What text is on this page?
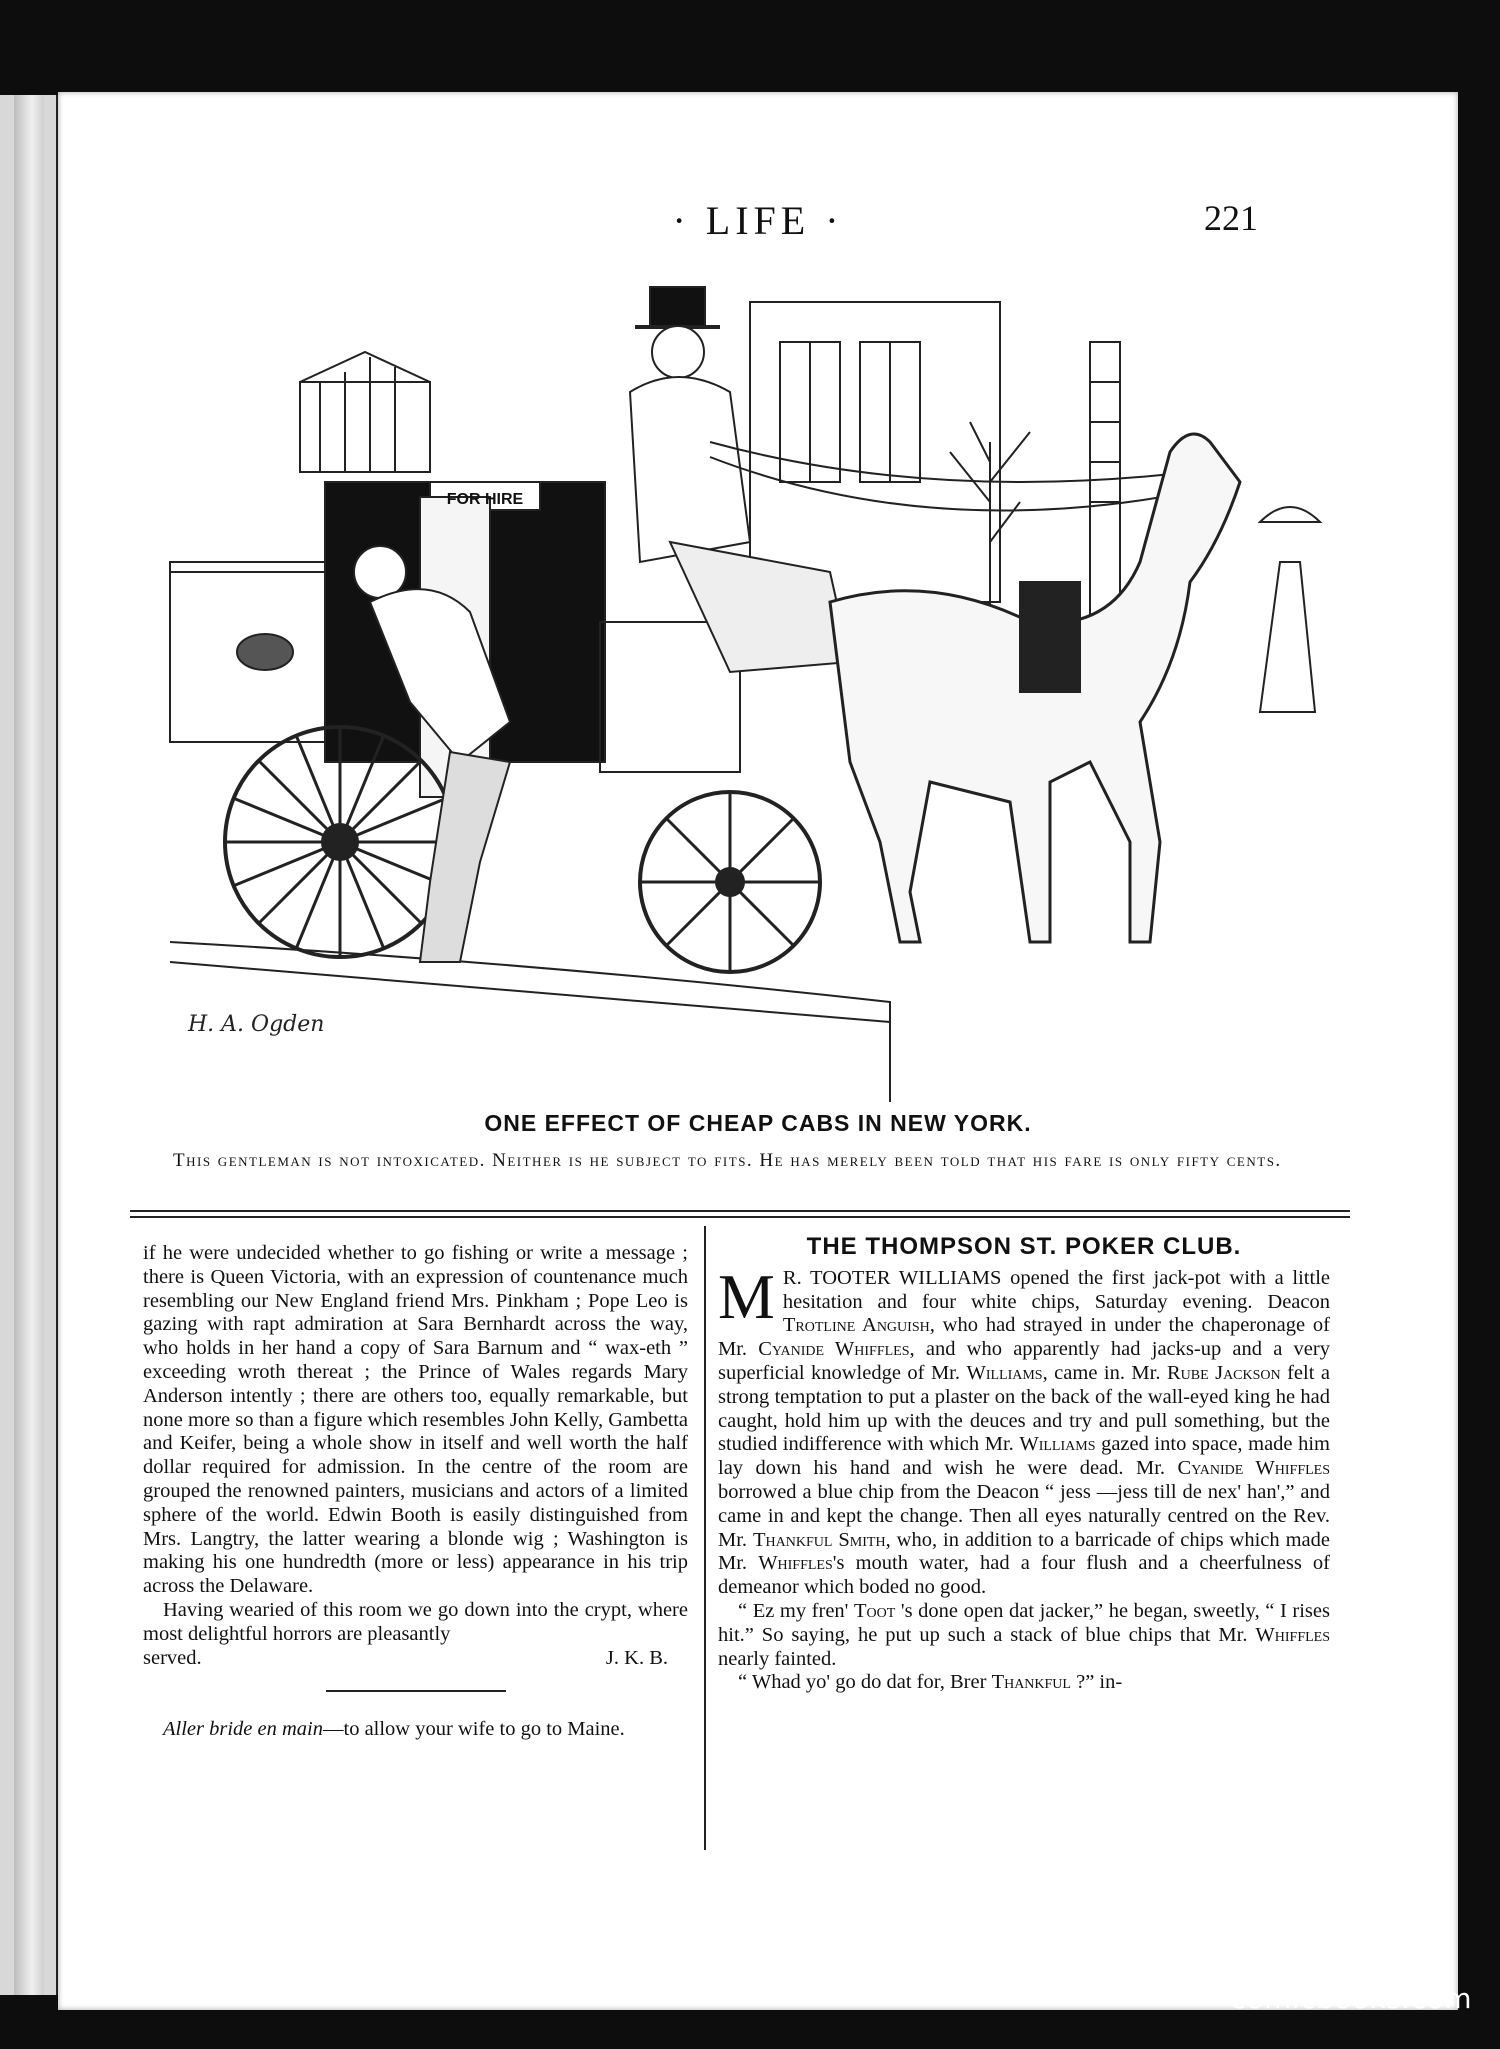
· LIFE ·	221
FOR HIRE
H. A. Ogden
ONE EFFECT OF CHEAP CABS IN NEW YORK.
This gentleman is not intoxicated. Neither is he subject to fits. He has merely been told that his fare is only fifty cents.

if he were undecided whether to go fishing or write a message ; there is Queen Victoria, with an expression of countenance much resembling our New England friend Mrs. Pinkham ; Pope Leo is gazing with rapt admiration at Sara Bernhardt across the way, who holds in her hand a copy of Sara Barnum and “ wax-eth ” exceeding wroth thereat ; the Prince of Wales regards Mary Anderson intently ; there are others too, equally remarkable, but none more so than a figure which resembles John Kelly, Gambetta and Keifer, being a whole show in itself and well worth the half dollar required for admission. In the centre of the room are grouped the renowned painters, musicians and actors of a limited sphere of the world. Edwin Booth is easily distinguished from Mrs. Langtry, the latter wearing a blonde wig ; Washington is making his one hundredth (more or less) appearance in his trip across the Delaware.

Having wearied of this room we go down into the crypt, where most delightful horrors are pleasantly

served.	J. K. B.

Aller bride en main—to allow your wife to go to Maine.

THE THOMPSON ST. POKER CLUB.

M R. TOOTER WILLIAMS opened the first jack-pot with a little hesitation and four white chips, Saturday evening. Deacon Trotline Anguish, who had strayed in under the chaperonage of Mr. Cyanide Whiffles, and who apparently had jacks-up and a very superficial knowledge of Mr. Williams, came in. Mr. Rube Jackson felt a strong temptation to put a plaster on the back of the wall-eyed king he had caught, hold him up with the deuces and try and pull something, but the studied indifference with which Mr. Williams gazed into space, made him lay down his hand and wish he were dead. Mr. Cyanide Whiffles borrowed a blue chip from the Deacon “ jess —jess till de nex' han',” and came in and kept the change. Then all eyes naturally centred on the Rev. Mr. Thankful Smith, who, in addition to a barricade of chips which made Mr. Whiffles's mouth water, had a four flush and a cheerfulness of demeanor which boded no good.

“ Ez my fren' Toot 's done open dat jacker,” he began, sweetly, “ I rises hit.” So saying, he put up such a stack of blue chips that Mr. Whiffles nearly fainted.

“ Whad yo' go do dat for, Brer Thankful ?” in-

comicbooks.com
